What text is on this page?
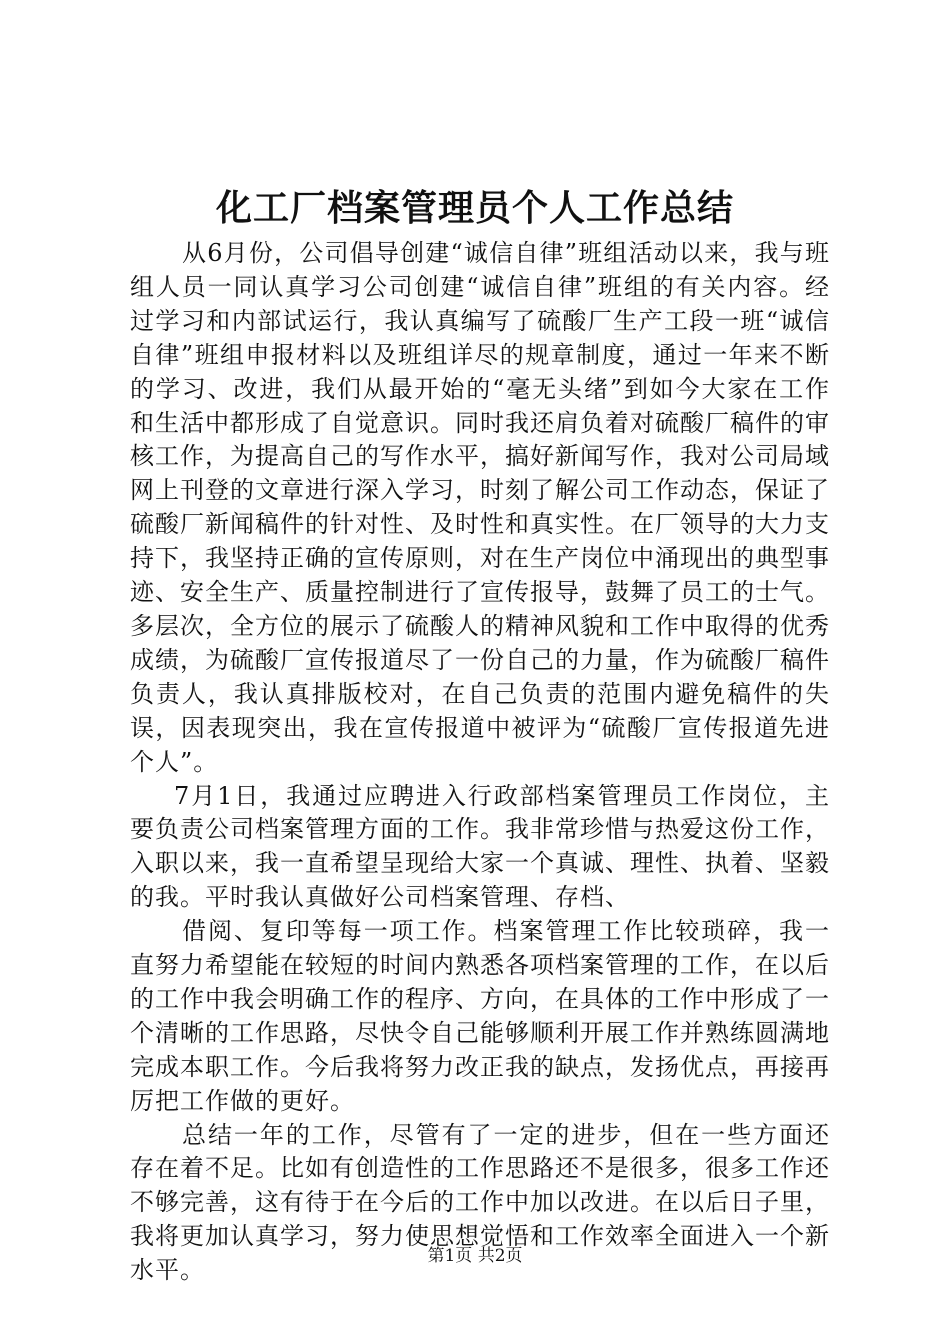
化工厂档案管理员个人工作总结

从6月份，公司倡导创建“诚信自律”班组活动以来，我与班组人员一同认真学习公司创建“诚信自律”班组的有关内容。经过学习和内部试运行，我认真编写了硫酸厂生产工段一班“诚信自律”班组申报材料以及班组详尽的规章制度，通过一年来不断的学习、改进，我们从最开始的“毫无头绪”到如今大家在工作和生活中都形成了自觉意识。同时我还肩负着对硫酸厂稿件的审核工作，为提高自己的写作水平，搞好新闻写作，我对公司局域网上刊登的文章进行深入学习，时刻了解公司工作动态，保证了硫酸厂新闻稿件的针对性、及时性和真实性。在厂领导的大力支持下，我坚持正确的宣传原则，对在生产岗位中涌现出的典型事迹、安全生产、质量控制进行了宣传报导，鼓舞了员工的士气。多层次，全方位的展示了硫酸人的精神风貌和工作中取得的优秀成绩，为硫酸厂宣传报道尽了一份自己的力量，作为硫酸厂稿件负责人，我认真排版校对，在自己负责的范围内避免稿件的失误，因表现突出，我在宣传报道中被评为“硫酸厂宣传报道先进个人”。

7月1日，我通过应聘进入行政部档案管理员工作岗位，主要负责公司档案管理方面的工作。我非常珍惜与热爱这份工作，入职以来，我一直希望呈现给大家一个真诚、理性、执着、坚毅的我。平时我认真做好公司档案管理、存档、

借阅、复印等每一项工作。档案管理工作比较琐碎，我一直努力希望能在较短的时间内熟悉各项档案管理的工作，在以后的工作中我会明确工作的程序、方向，在具体的工作中形成了一个清晰的工作思路，尽快令自己能够顺利开展工作并熟练圆满地完成本职工作。今后我将努力改正我的缺点，发扬优点，再接再厉把工作做的更好。

总结一年的工作，尽管有了一定的进步，但在一些方面还存在着不足。比如有创造性的工作思路还不是很多，很多工作还不够完善，这有待于在今后的工作中加以改进。在以后日子里，我将更加认真学习，努力使思想觉悟和工作效率全面进入一个新水平。

第1页 共2页
